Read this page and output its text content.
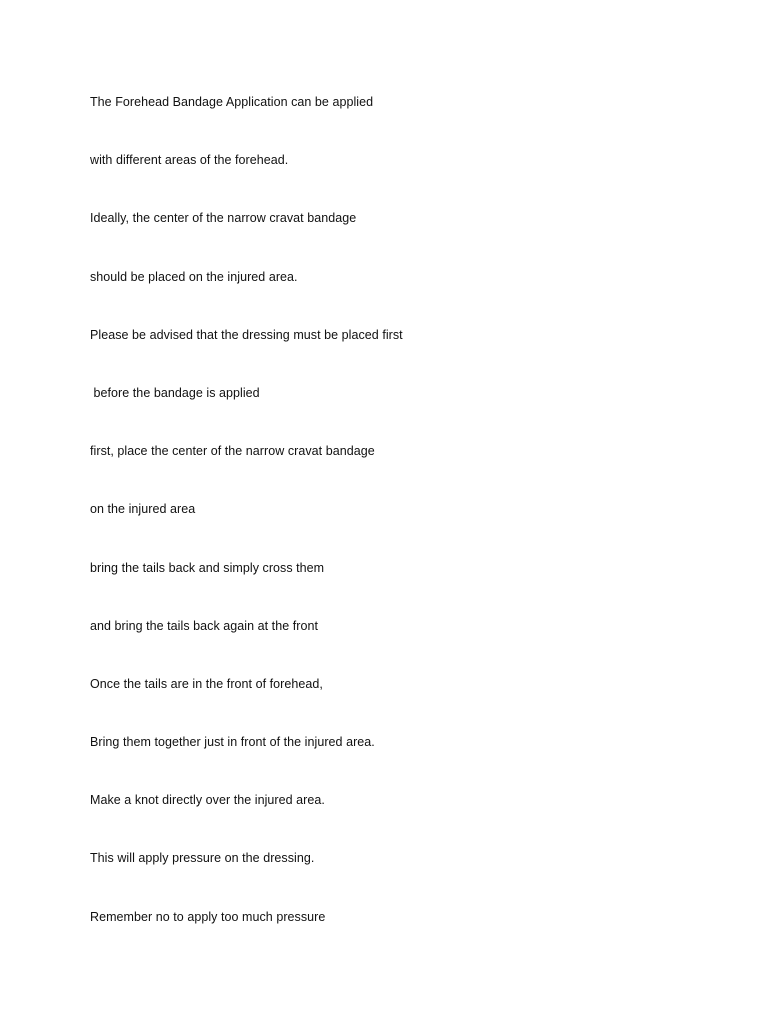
The Forehead Bandage Application can be applied
with different areas of the forehead.
Ideally, the center of the narrow cravat bandage
should be placed on the injured area.
Please be advised that the dressing must be placed first
before the bandage is applied
first, place the center of the narrow cravat bandage
on the injured area
bring the tails back and simply cross them
and bring the tails back again at the front
Once the tails are in the front of forehead,
Bring them together just in front of the injured area.
Make a knot directly over the injured area.
This will apply pressure on the dressing.
Remember no to apply too much pressure
